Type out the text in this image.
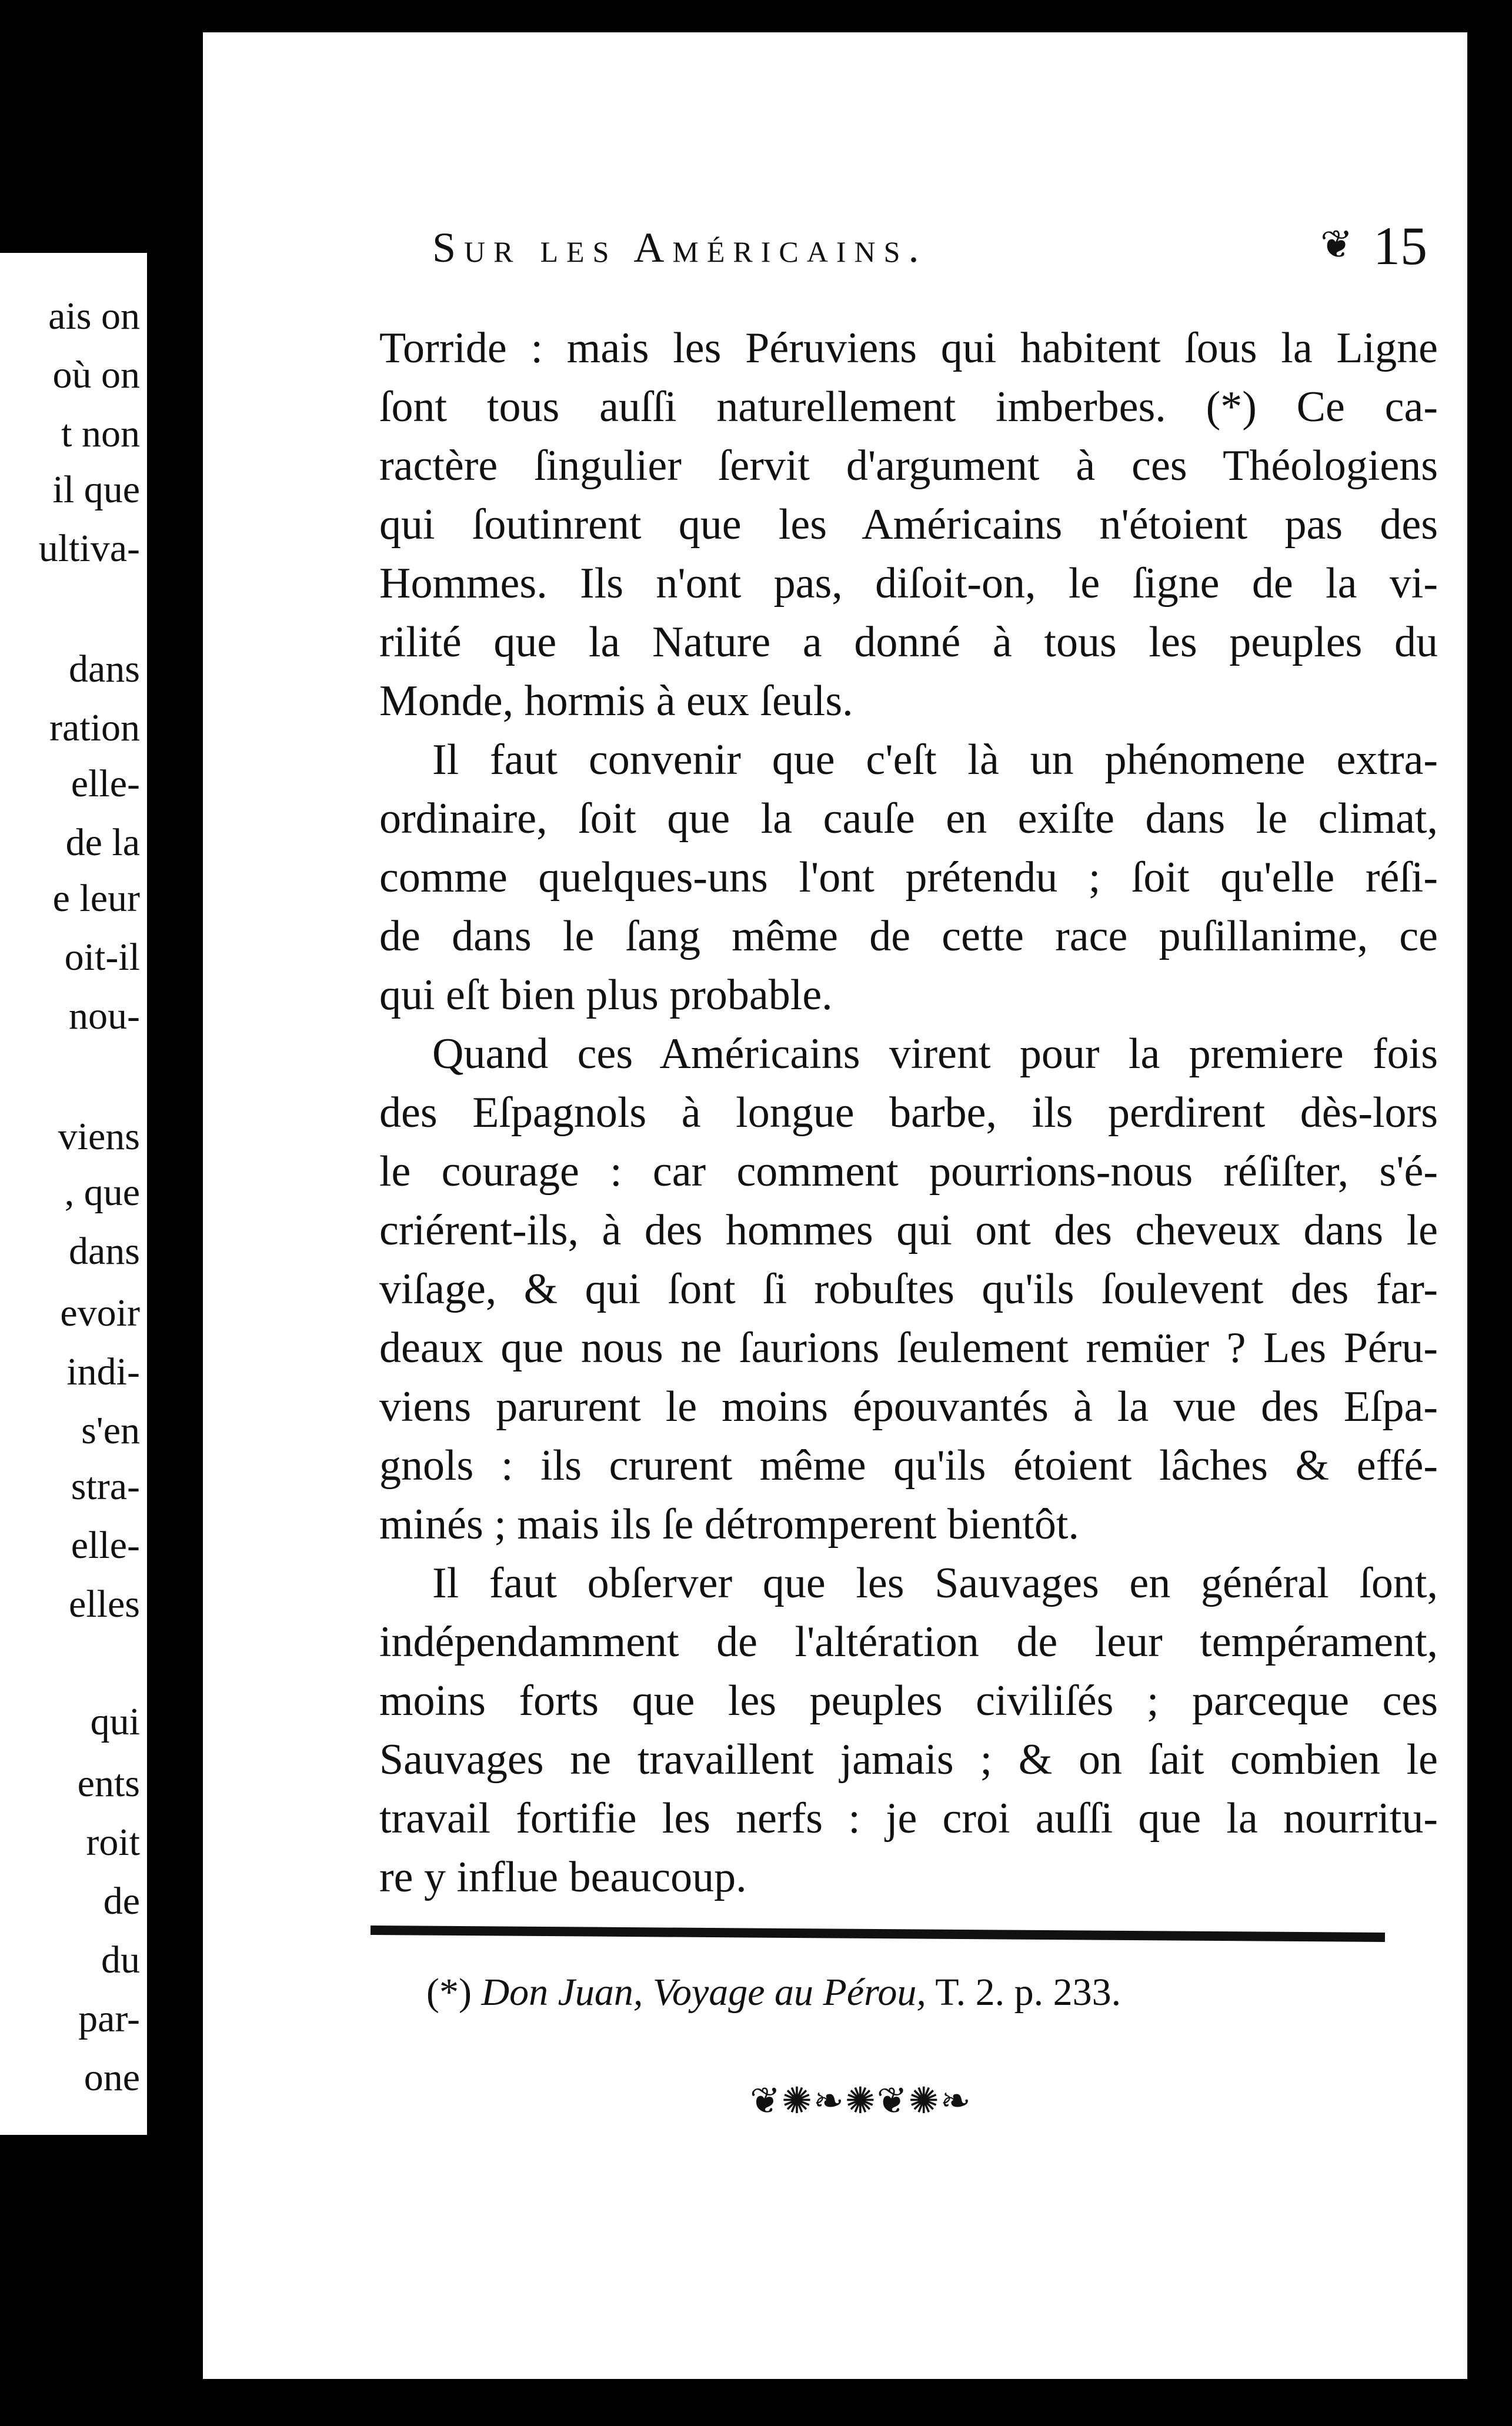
ais on
où on
t non
il que
ultiva-
dans
ration
elle-
de la
e leur
oit-il
nou-
viens
, que
dans
evoir
indi-
s'en
stra-
elle-
elles
qui
ents
roit
de
du
par-
one
Sur les Américains.	❦ 15
Torride : mais les Péruviens qui habitent ſous la Ligne
ſont tous auſſi naturellement imberbes. (*) Ce ca-
ractère ſingulier ſervit d'argument à ces Théologiens
qui ſoutinrent que les Américains n'étoient pas des
Hommes. Ils n'ont pas, diſoit-on, le ſigne de la vi-
rilité que la Nature a donné à tous les peuples du
Monde, hormis à eux ſeuls.
Il faut convenir que c'eſt là un phénomene extra-
ordinaire, ſoit que la cauſe en exiſte dans le climat,
comme quelques-uns l'ont prétendu ; ſoit qu'elle réſi-
de dans le ſang même de cette race puſillanime, ce
qui eſt bien plus probable.
Quand ces Américains virent pour la premiere fois
des Eſpagnols à longue barbe, ils perdirent dès-lors
le courage : car comment pourrions-nous réſiſter, s'é-
criérent-ils, à des hommes qui ont des cheveux dans le
viſage, & qui ſont ſi robuſtes qu'ils ſoulevent des far-
deaux que nous ne ſaurions ſeulement remüer ? Les Péru-
viens parurent le moins épouvantés à la vue des Eſpa-
gnols : ils crurent même qu'ils étoient lâches & effé-
minés ; mais ils ſe détromperent bientôt.
Il faut obſerver que les Sauvages en général ſont,
indépendamment de l'altération de leur tempérament,
moins forts que les peuples civiliſés ; parceque ces
Sauvages ne travaillent jamais ; & on ſait combien le
travail fortifie les nerfs : je croi auſſi que la nourritu-
re y influe beaucoup.
(*) Don Juan, Voyage au Pérou, T. 2. p. 233.
❦✺❧✺❦✺❧
